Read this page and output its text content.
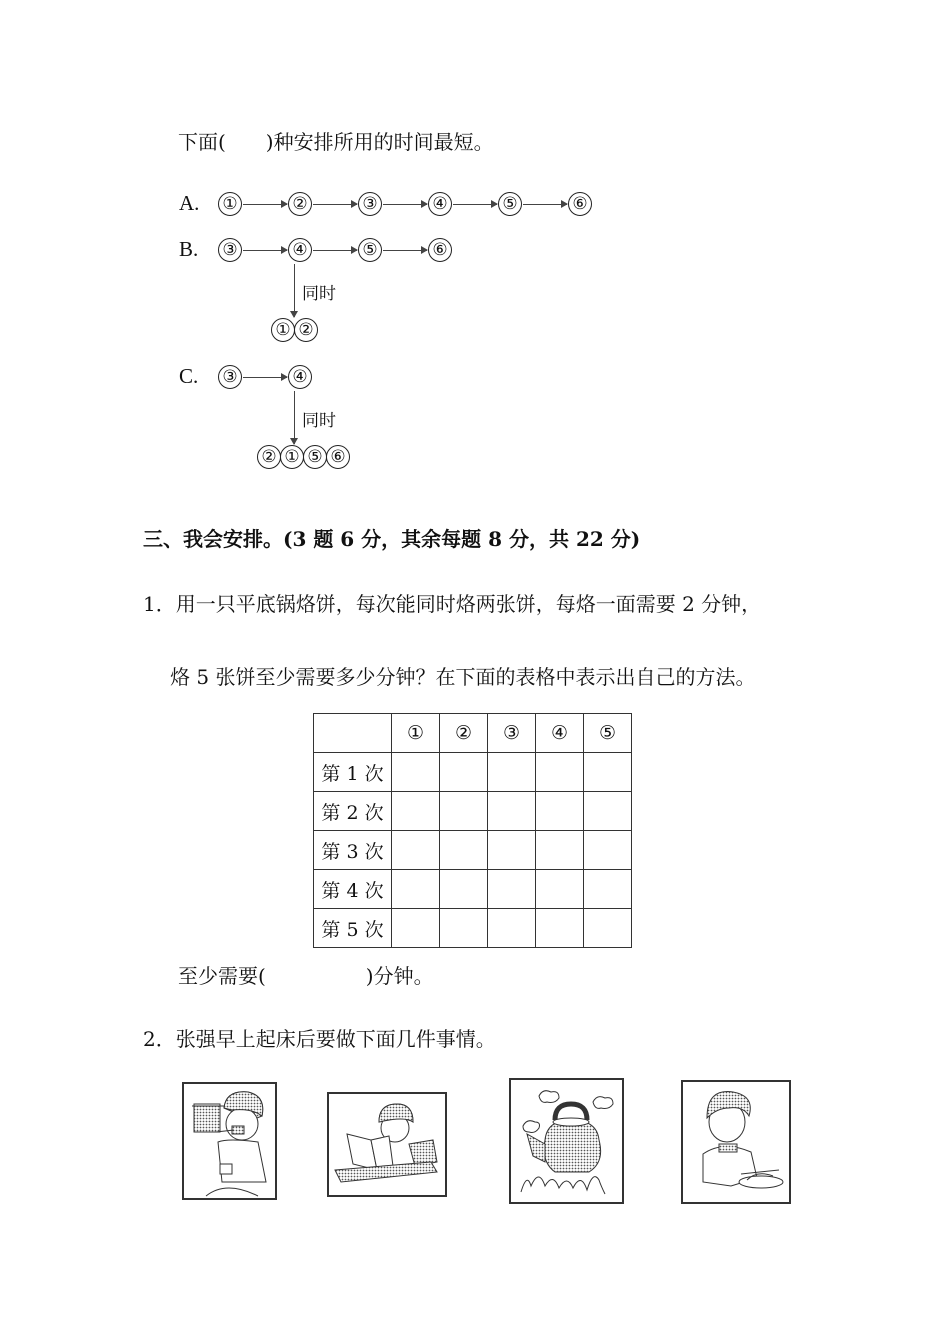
下面(　　)种安排所用的时间最短。
A. ①	②	③	④	⑤	⑥
B. ③	④	⑤	⑥
同时
① ②
C. ③	④
同时
② ① ⑤ ⑥
三、我会安排。(3 题 6 分，其余每题 8 分，共 22 分)
1．用一只平底锅烙饼，每次能同时烙两张饼，每烙一面需要 2 分钟，
烙 5 张饼至少需要多少分钟？在下面的表格中表示出自己的方法。
	①	②	③	④	⑤
第 1 次					
第 2 次					
第 3 次					
第 4 次					
第 5 次					
至少需要(　　　　　)分钟。
2．张强早上起床后要做下面几件事情。
